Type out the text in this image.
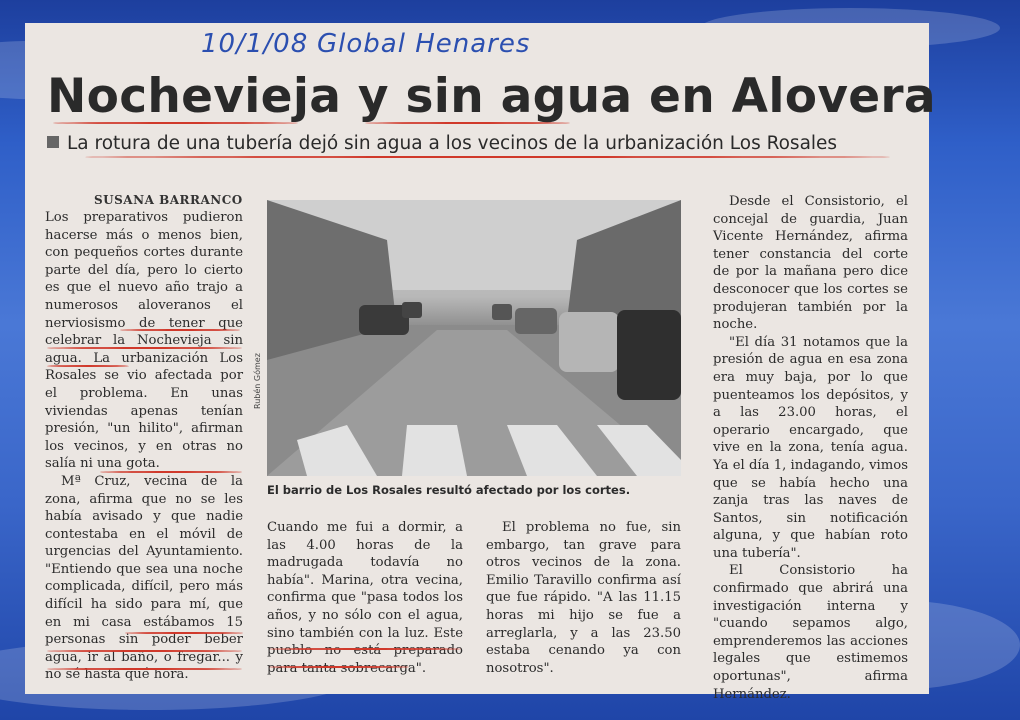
10/1/08 Global Henares
Nochevieja y sin agua en Alovera

La rotura de una tubería dejó sin agua a los vecinos de la urbanización Los Rosales

SUSANA BARRANCO

Los preparativos pudieron hacerse más o menos bien, con pequeños cortes durante parte del día, pero lo cierto es que el nuevo año trajo a numerosos aloveranos el nerviosismo de tener que celebrar la Nochevieja sin agua. La urbanización Los Rosales se vio afectada por el problema. En unas viviendas apenas tenían presión, "un hilito", afirman los vecinos, y en otras no salía ni una gota.

Mª Cruz, vecina de la zona, afirma que no se les había avisado y que nadie contestaba en el móvil de urgencias del Ayuntamiento. "Entiendo que sea una noche complicada, difícil, pero más difícil ha sido para mí, que en mi casa estábamos 15 personas sin poder beber agua, ir al baño, o fregar... y no sé hasta qué hora.

Rubén Gómez

El barrio de Los Rosales resultó afectado por los cortes.

Cuando me fui a dormir, a las 4.00 horas de la madrugada todavía no había". Marina, otra vecina, confirma que "pasa todos los años, y no sólo con el agua, sino también con la luz. Este pueblo no está preparado para tanta sobrecarga".

El problema no fue, sin embargo, tan grave para otros vecinos de la zona. Emilio Taravillo confirma así que fue rápido. "A las 11.15 horas mi hijo se fue a arreglarla, y a las 23.50 estaba cenando ya con nosotros".

Desde el Consistorio, el concejal de guardia, Juan Vicente Hernández, afirma tener constancia del corte de por la mañana pero dice desconocer que los cortes se produjeran también por la noche.

"El día 31 notamos que la presión de agua en esa zona era muy baja, por lo que puenteamos los depósitos, y a las 23.00 horas, el operario encargado, que vive en la zona, tenía agua. Ya el día 1, indagando, vimos que se había hecho una zanja tras las naves de Santos, sin notificación alguna, y que habían roto una tubería".

El Consistorio ha confirmado que abrirá una investigación interna y "cuando sepamos algo, emprenderemos las acciones legales que estimemos oportunas", afirma Hernández.
